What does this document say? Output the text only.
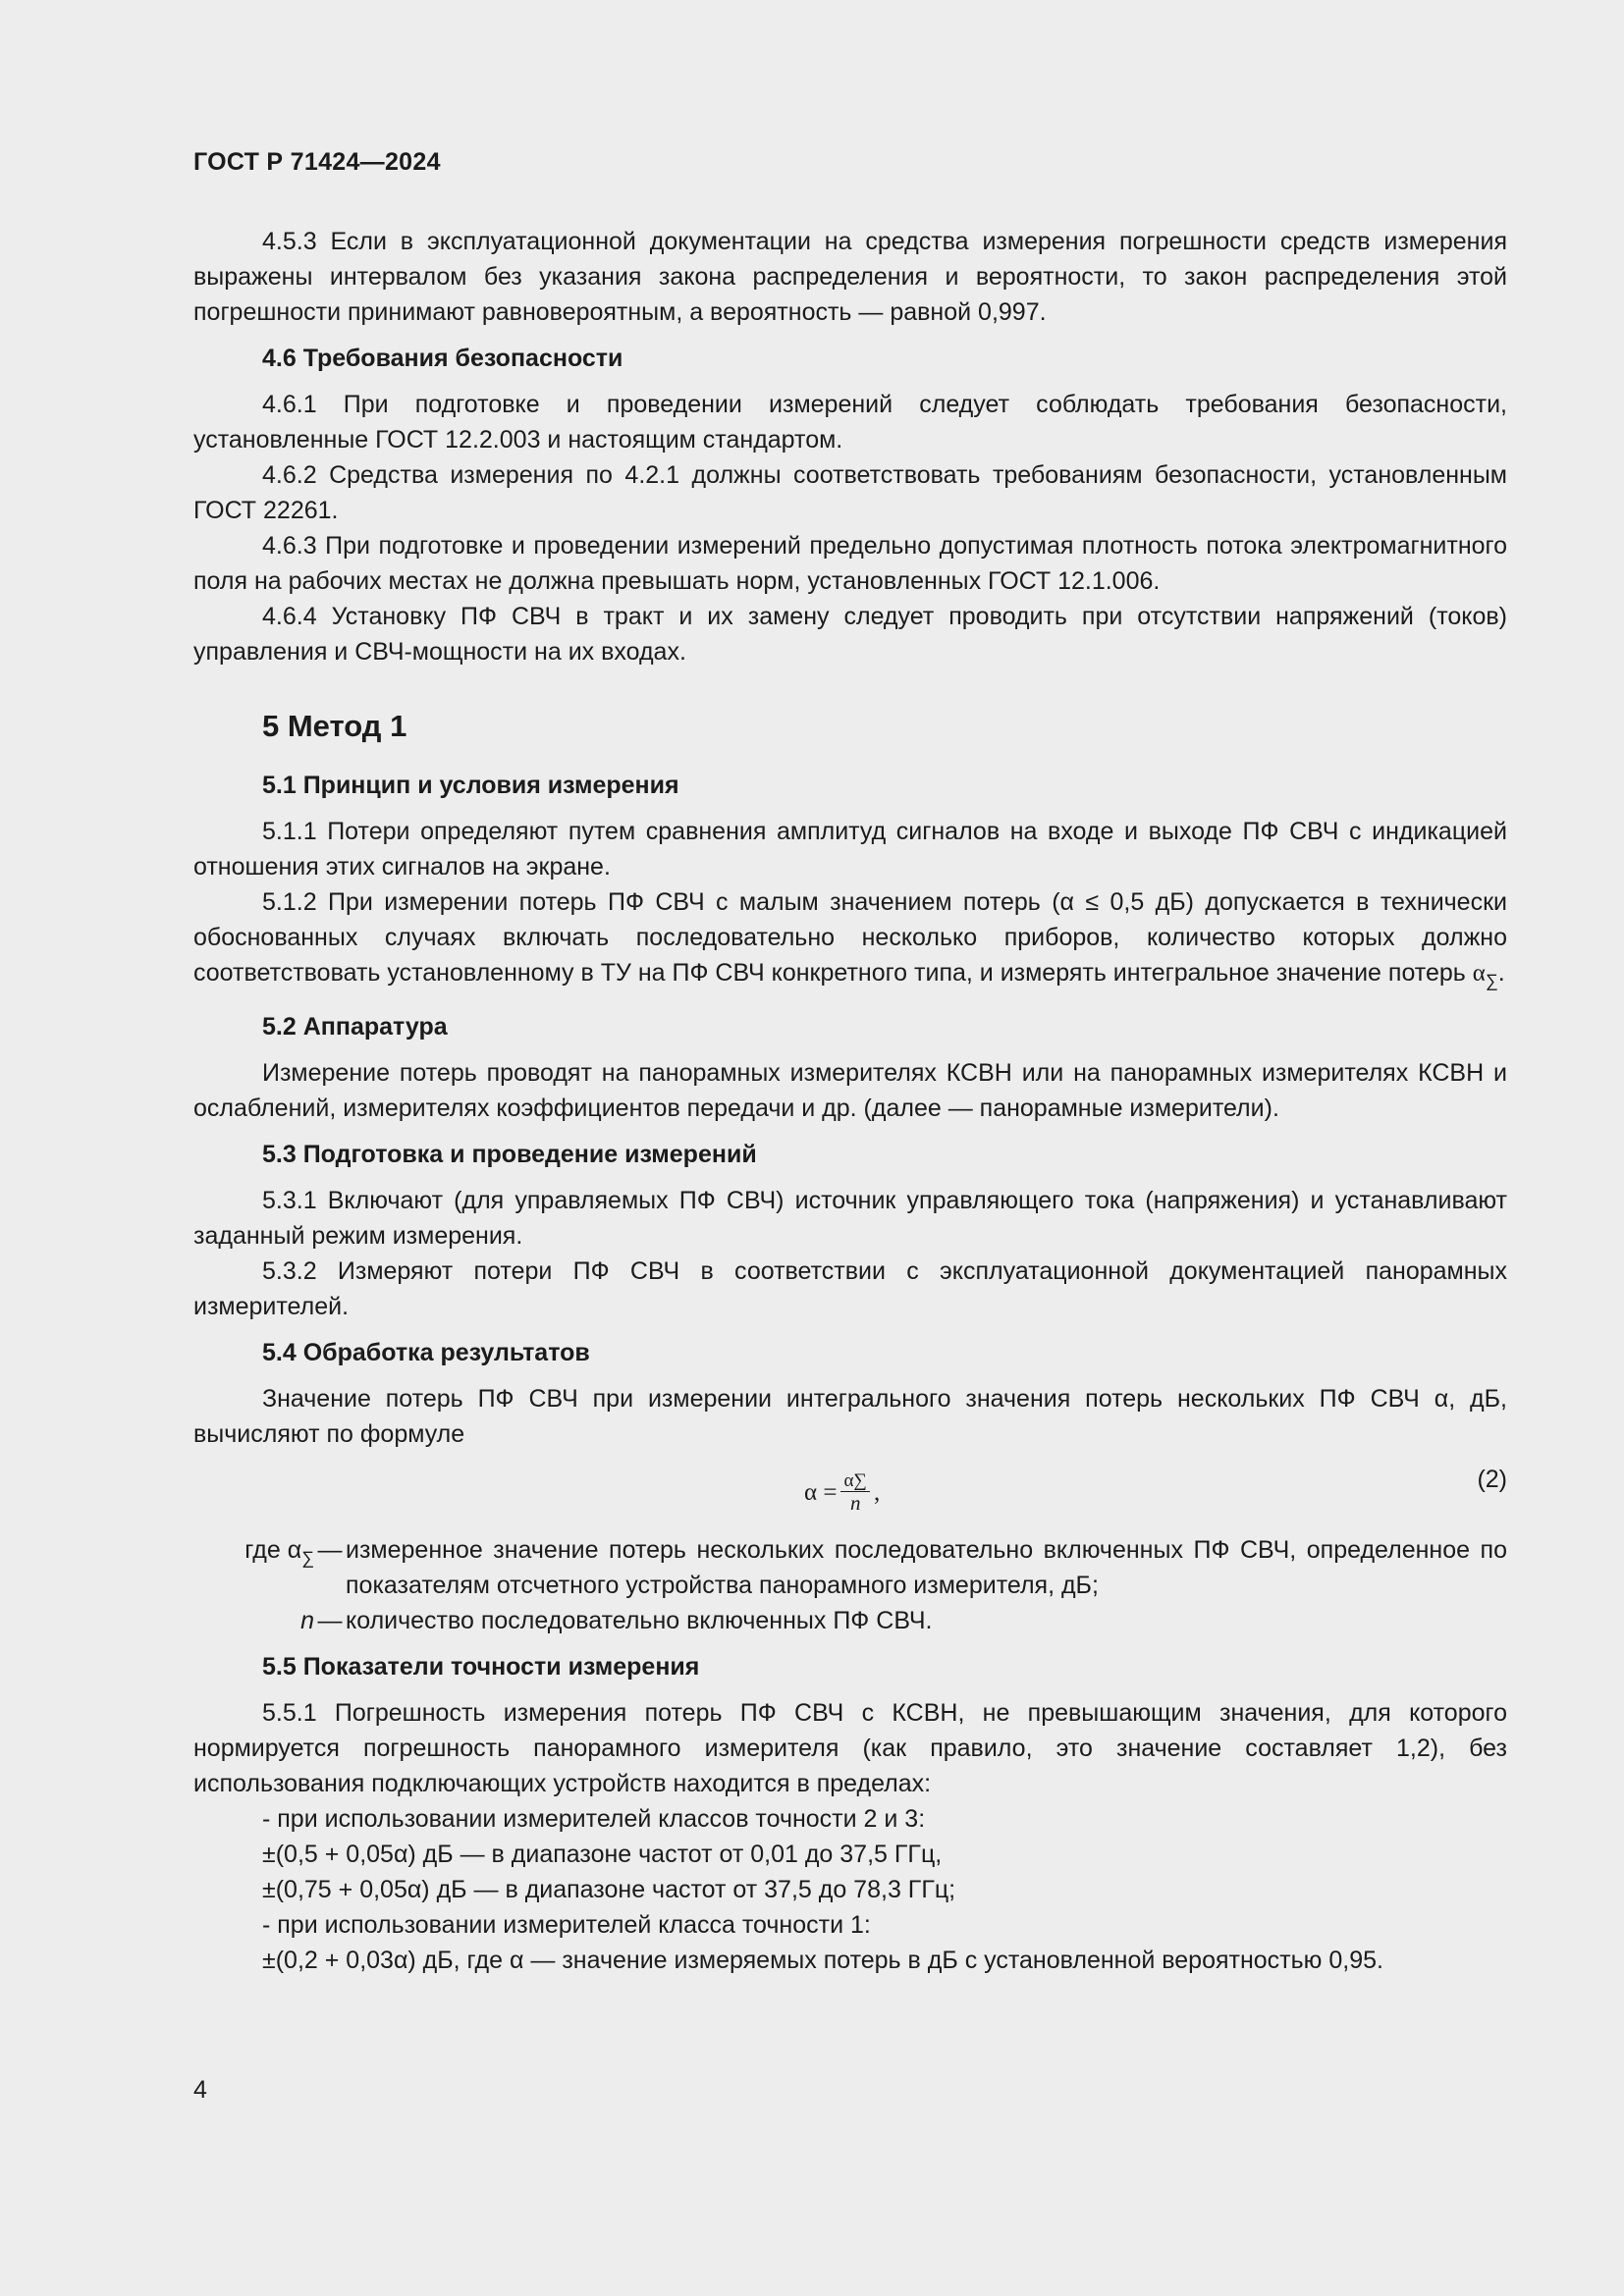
ГОСТ Р 71424—2024

4.5.3 Если в эксплуатационной документации на средства измерения погрешности средств измерения выражены интервалом без указания закона распределения и вероятности, то закон распределения этой погрешности принимают равновероятным, а вероятность — равной 0,997.

4.6 Требования безопасности

4.6.1 При подготовке и проведении измерений следует соблюдать требования безопасности, установленные ГОСТ 12.2.003 и настоящим стандартом.

4.6.2 Средства измерения по 4.2.1 должны соответствовать требованиям безопасности, установленным ГОСТ 22261.

4.6.3 При подготовке и проведении измерений предельно допустимая плотность потока электромагнитного поля на рабочих местах не должна превышать норм, установленных ГОСТ 12.1.006.

4.6.4 Установку ПФ СВЧ в тракт и их замену следует проводить при отсутствии напряжений (токов) управления и СВЧ-мощности на их входах.

5 Метод 1
5.1 Принцип и условия измерения

5.1.1 Потери определяют путем сравнения амплитуд сигналов на входе и выходе ПФ СВЧ с индикацией отношения этих сигналов на экране.

5.1.2 При измерении потерь ПФ СВЧ с малым значением потерь (α ≤ 0,5 дБ) допускается в технически обоснованных случаях включать последовательно несколько приборов, количество которых должно соответствовать установленному в ТУ на ПФ СВЧ конкретного типа, и измерять интегральное значение потерь $\alpha_\sum$.

5.2 Аппаратура

Измерение потерь проводят на панорамных измерителях КСВН или на панорамных измерителях КСВН и ослаблений, измерителях коэффициентов передачи и др. (далее — панорамные измерители).

5.3 Подготовка и проведение измерений

5.3.1 Включают (для управляемых ПФ СВЧ) источник управляющего тока (напряжения) и устанавливают заданный режим измерения.

5.3.2 Измеряют потери ПФ СВЧ в соответствии с эксплуатационной документацией панорамных измерителей.

5.4 Обработка результатов

Значение потерь ПФ СВЧ при измерении интегрального значения потерь нескольких ПФ СВЧ α, дБ, вычисляют по формуле

$\alpha = \frac{\alpha\sum}{n}$ ,	(2)
где $\alpha_\sum$ — измеренное значение потерь нескольких последовательно включенных ПФ СВЧ, определенное по показателям отсчетного устройства панорамного измерителя, дБ;
n — количество последовательно включенных ПФ СВЧ.
5.5 Показатели точности измерения

5.5.1 Погрешность измерения потерь ПФ СВЧ с КСВН, не превышающим значения, для которого нормируется погрешность панорамного измерителя (как правило, это значение составляет 1,2), без использования подключающих устройств находится в пределах:

- при использовании измерителей классов точности 2 и 3:
±(0,5 + 0,05α) дБ — в диапазоне частот от 0,01 до 37,5 ГГц,
±(0,75 + 0,05α) дБ — в диапазоне частот от 37,5 до 78,3 ГГц;
- при использовании измерителей класса точности 1:
±(0,2 + 0,03α) дБ, где α — значение измеряемых потерь в дБ с установленной вероятностью 0,95.
4
